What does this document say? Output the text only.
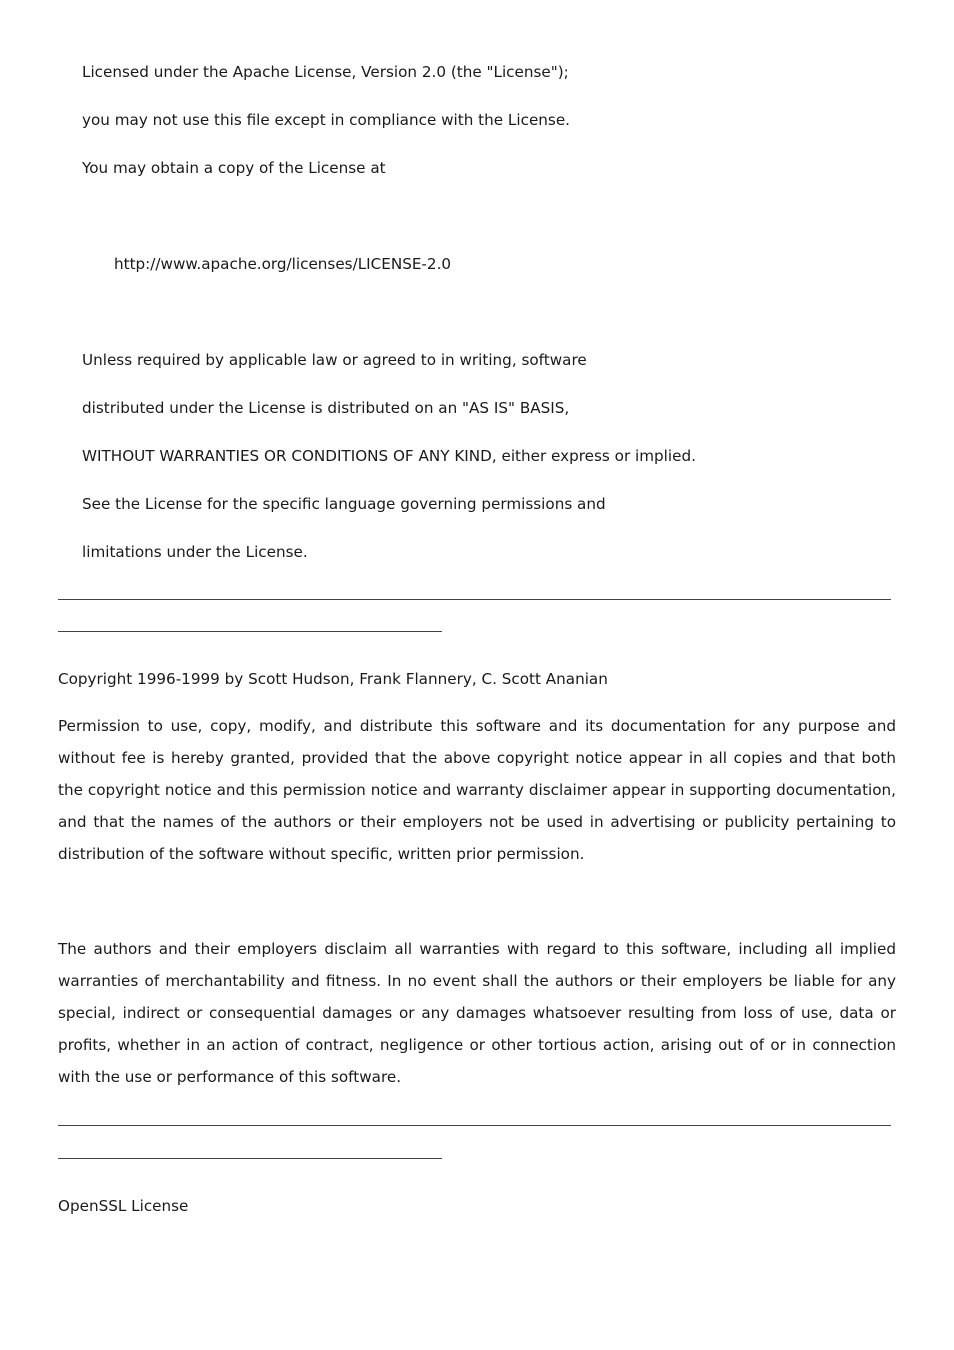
Licensed under the Apache License, Version 2.0 (the "License");
you may not use this file except in compliance with the License.
You may obtain a copy of the License at
http://www.apache.org/licenses/LICENSE-2.0
Unless required by applicable law or agreed to in writing, software
distributed under the License is distributed on an "AS IS" BASIS,
WITHOUT WARRANTIES OR CONDITIONS OF ANY KIND, either express or implied.
See the License for the specific language governing permissions and
limitations under the License.
Copyright 1996-1999 by Scott Hudson, Frank Flannery, C. Scott Ananian
Permission to use, copy, modify, and distribute this software and its documentation for any purpose and without fee is hereby granted, provided that the above copyright notice appear in all copies and that both the copyright notice and this permission notice and warranty disclaimer appear in supporting documentation, and that the names of the authors or their employers not be used in advertising or publicity pertaining to distribution of the software without specific, written prior permission.
The authors and their employers disclaim all warranties with regard to this software, including all implied warranties of merchantability and fitness. In no event shall the authors or their employers be liable for any special, indirect or consequential damages or any damages whatsoever resulting from loss of use, data or profits, whether in an action of contract, negligence or other tortious action, arising out of or in connection with the use or performance of this software.
OpenSSL License
